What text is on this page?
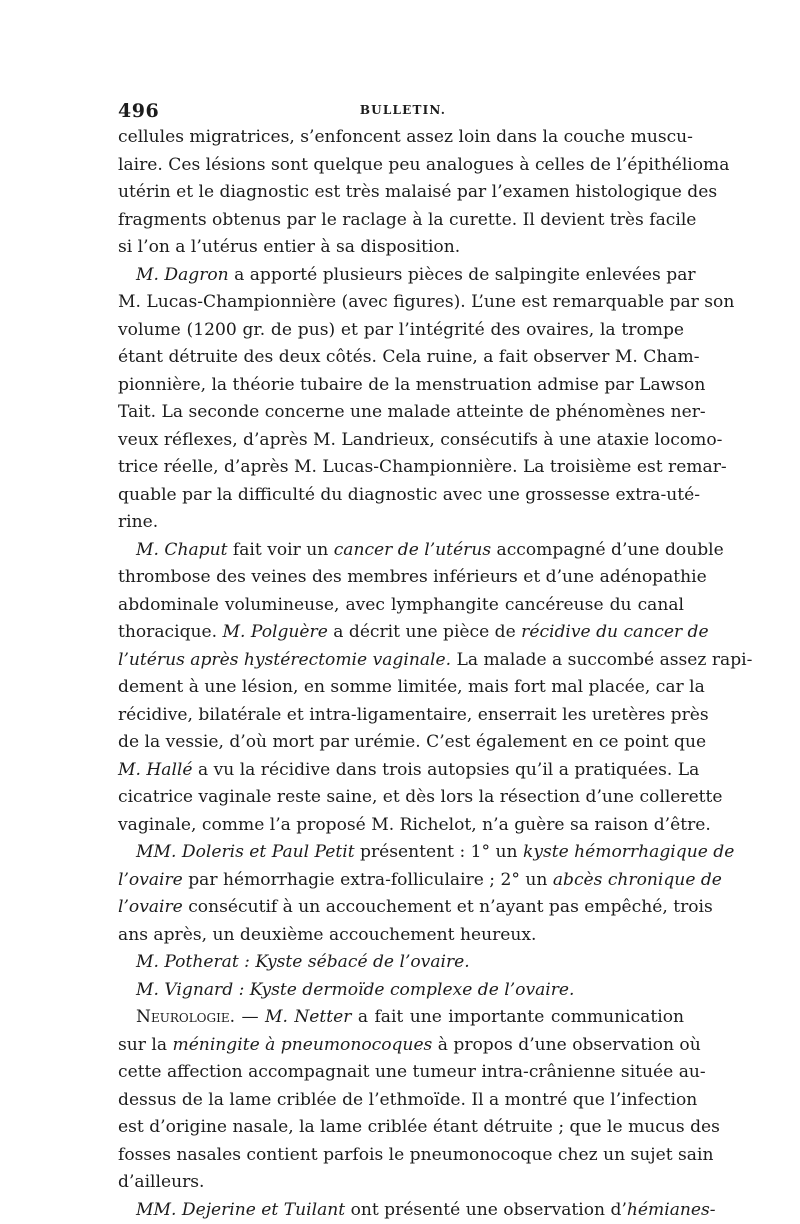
496	BULLETIN.
cellules migratrices, s’enfoncent assez loin dans la couche muscu-
laire. Ces lésions sont quelque peu analogues à celles de l’épithélioma
utérin et le diagnostic est très malaisé par l’examen histologique des
fragments obtenus par le raclage à la curette. Il devient très facile
si l’on a l’utérus entier à sa disposition.
M. Dagron a apporté plusieurs pièces de salpingite enlevées par
M. Lucas-Championnière (avec figures). L’une est remarquable par son
volume (1200 gr. de pus) et par l’intégrité des ovaires, la trompe
étant détruite des deux côtés. Cela ruine, a fait observer M. Cham-
pionnière, la théorie tubaire de la menstruation admise par Lawson
Tait. La seconde concerne une malade atteinte de phénomènes ner-
veux réflexes, d’après M. Landrieux, consécutifs à une ataxie locomo-
trice réelle, d’après M. Lucas-Championnière. La troisième est remar-
quable par la difficulté du diagnostic avec une grossesse extra-uté-
rine.
M. Chaput fait voir un cancer de l’utérus accompagné d’une double
thrombose des veines des membres inférieurs et d’une adénopathie
abdominale volumineuse, avec lymphangite cancéreuse du canal
thoracique. M. Polguère a décrit une pièce de récidive du cancer de
l’utérus après hystérectomie vaginale. La malade a succombé assez rapi-
dement à une lésion, en somme limitée, mais fort mal placée, car la
récidive, bilatérale et intra-ligamentaire, enserrait les uretères près
de la vessie, d’où mort par urémie. C’est également en ce point que
M. Hallé a vu la récidive dans trois autopsies qu’il a pratiquées. La
cicatrice vaginale reste saine, et dès lors la résection d’une collerette
vaginale, comme l’a proposé M. Richelot, n’a guère sa raison d’être.
MM. Doleris et Paul Petit présentent : 1° un kyste hémorrhagique de
l’ovaire par hémorrhagie extra-folliculaire ; 2° un abcès chronique de
l’ovaire consécutif à un accouchement et n’ayant pas empêché, trois
ans après, un deuxième accouchement heureux.
M. Potherat : Kyste sébacé de l’ovaire.
M. Vignard : Kyste dermoïde complexe de l’ovaire.
Neurologie. — M. Netter a fait une importante communication
sur la méningite à pneumonocoques à propos d’une observation où
cette affection accompagnait une tumeur intra-crânienne située au-
dessus de la lame criblée de l’ethmoïde. Il a montré que l’infection
est d’origine nasale, la lame criblée étant détruite ; que le mucus des
fosses nasales contient parfois le pneumonocoque chez un sujet sain
d’ailleurs.
MM. Dejerine et Tuilant ont présenté une observation d’hémianes-
